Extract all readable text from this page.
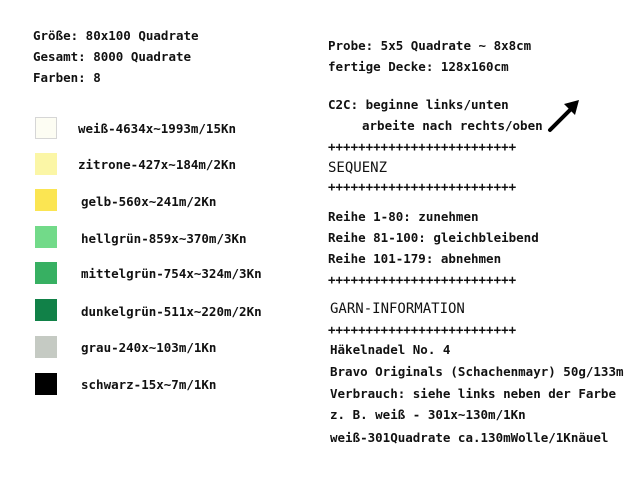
Größe: 80x100 Quadrate
Gesamt: 8000 Quadrate
Farben: 8
weiß-4634x~1993m/15Kn
zitrone-427x~184m/2Kn
gelb-560x~241m/2Kn
hellgrün-859x~370m/3Kn
mittelgrün-754x~324m/3Kn
dunkelgrün-511x~220m/2Kn
grau-240x~103m/1Kn
schwarz-15x~7m/1Kn
Probe: 5x5 Quadrate ~ 8x8cm
fertige Decke: 128x160cm
C2C: beginne links/unten
arbeite nach rechts/oben
+++++++++++++++++++++++++
SEQUENZ
+++++++++++++++++++++++++
Reihe 1-80: zunehmen
Reihe 81-100: gleichbleibend
Reihe 101-179: abnehmen
+++++++++++++++++++++++++
GARN-INFORMATION
+++++++++++++++++++++++++
Häkelnadel No. 4
Bravo Originals (Schachenmayr) 50g/133m
Verbrauch: siehe links neben der Farbe
z. B. weiß - 301x~130m/1Kn
weiß-301Quadrate ca.130mWolle/1Knäuel
